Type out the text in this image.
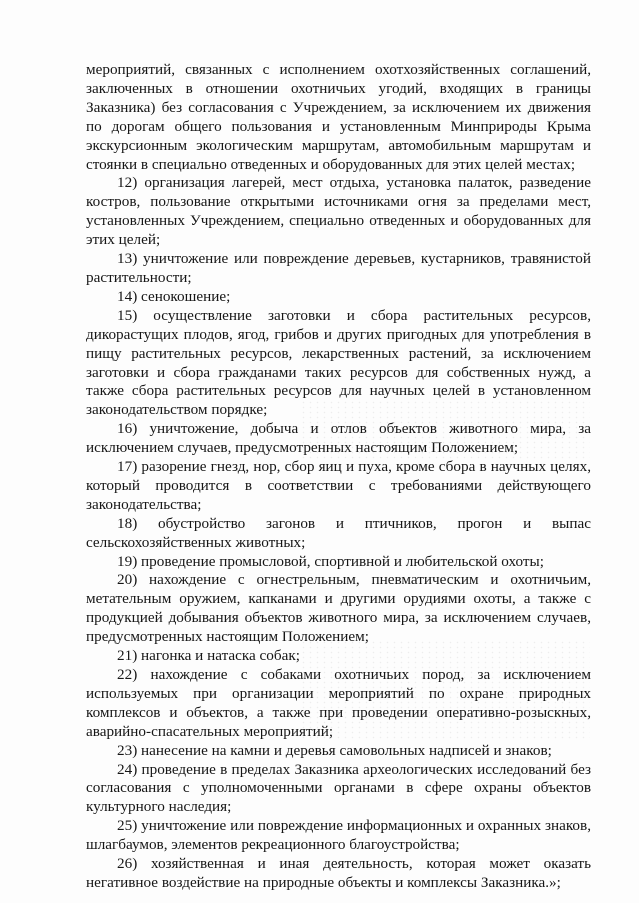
мероприятий, связанных с исполнением охотхозяйственных соглашений, заключенных в отношении охотничьих угодий, входящих в границы Заказника) без согласования с Учреждением, за исключением их движения по дорогам общего пользования и установленным Минприроды Крыма экскурсионным экологическим маршрутам, автомобильным маршрутам и стоянки в специально отведенных и оборудованных для этих целей местах;

12) организация лагерей, мест отдыха, установка палаток, разведение костров, пользование открытыми источниками огня за пределами мест, установленных Учреждением, специально отведенных и оборудованных для этих целей;

13) уничтожение или повреждение деревьев, кустарников, травянистой растительности;

14) сенокошение;

15) осуществление заготовки и сбора растительных ресурсов, дикорастущих плодов, ягод, грибов и других пригодных для употребления в пищу растительных ресурсов, лекарственных растений, за исключением заготовки и сбора гражданами таких ресурсов для собственных нужд, а также сбора растительных ресурсов для научных целей в установленном законодательством порядке;

16) уничтожение, добыча и отлов объектов животного мира, за исключением случаев, предусмотренных настоящим Положением;

17) разорение гнезд, нор, сбор яиц и пуха, кроме сбора в научных целях, который проводится в соответствии с требованиями действующего законодательства;

18) обустройство загонов и птичников, прогон и выпас сельскохозяйственных животных;

19) проведение промысловой, спортивной и любительской охоты;

20) нахождение с огнестрельным, пневматическим и охотничьим, метательным оружием, капканами и другими орудиями охоты, а также с продукцией добывания объектов животного мира, за исключением случаев, предусмотренных настоящим Положением;

21) нагонка и натаска собак;

22) нахождение с собаками охотничьих пород, за исключением используемых при организации мероприятий по охране природных комплексов и объектов, а также при проведении оперативно-розыскных, аварийно-спасательных мероприятий;

23) нанесение на камни и деревья самовольных надписей и знаков;

24) проведение в пределах Заказника археологических исследований без согласования с уполномоченными органами в сфере охраны объектов культурного наследия;

25) уничтожение или повреждение информационных и охранных знаков, шлагбаумов, элементов рекреационного благоустройства;

26) хозяйственная и иная деятельность, которая может оказать негативное воздействие на природные объекты и комплексы Заказника.»;
